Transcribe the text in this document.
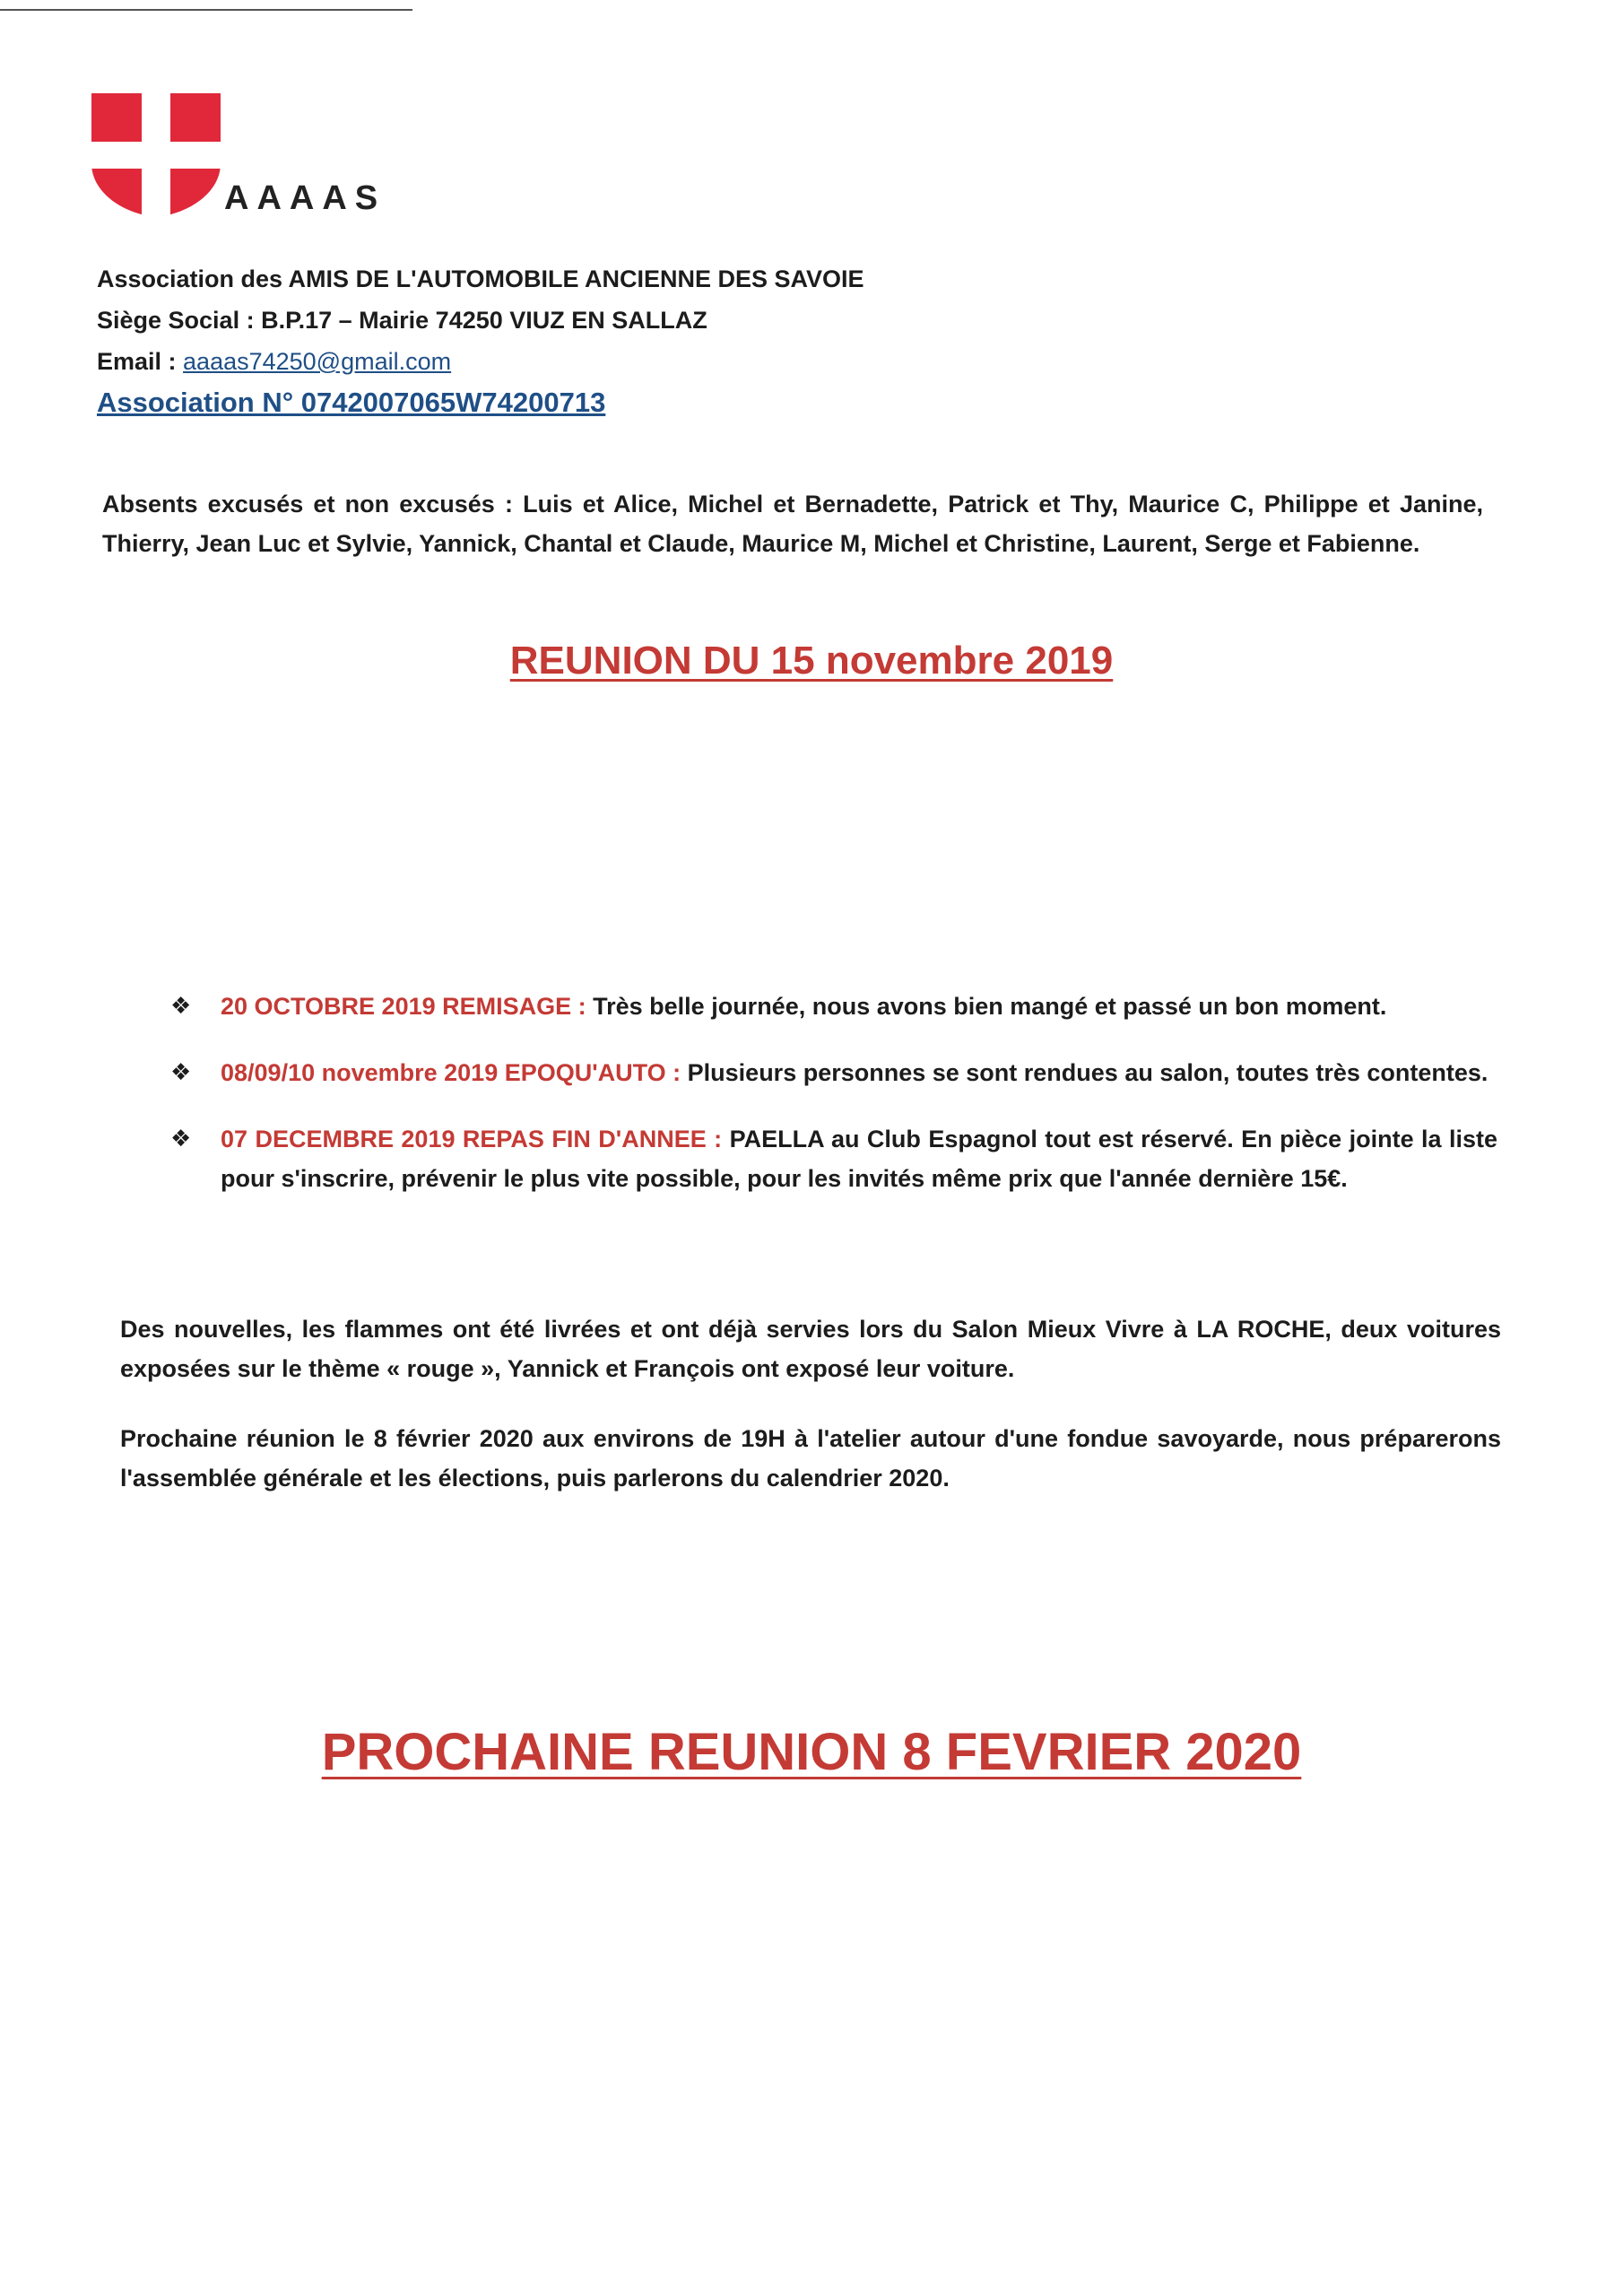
AAAAS
Association des AMIS DE L'AUTOMOBILE ANCIENNE DES SAVOIE
Siège Social : B.P.17 – Mairie 74250 VIUZ EN SALLAZ
Email : aaaas74250@gmail.com
Association N° 0742007065W74200713
Absents excusés et non excusés : Luis et Alice, Michel et Bernadette, Patrick et Thy, Maurice C, Philippe et Janine, Thierry, Jean Luc et Sylvie, Yannick, Chantal et Claude, Maurice M, Michel et Christine, Laurent, Serge et Fabienne.
REUNION DU 15 novembre 2019
❖ 20 OCTOBRE 2019 REMISAGE : Très belle journée, nous avons bien mangé et passé un bon moment.
❖ 08/09/10 novembre 2019 EPOQU'AUTO : Plusieurs personnes se sont rendues au salon, toutes très contentes.
❖ 07 DECEMBRE 2019 REPAS FIN D'ANNEE : PAELLA au Club Espagnol tout est réservé. En pièce jointe la liste pour s'inscrire, prévenir le plus vite possible, pour les invités même prix que l'année dernière 15€.
Des nouvelles, les flammes ont été livrées et ont déjà servies lors du Salon Mieux Vivre à LA ROCHE, deux voitures exposées sur le thème « rouge », Yannick et François ont exposé leur voiture.
Prochaine réunion le 8 février 2020 aux environs de 19H à l'atelier autour d'une fondue savoyarde, nous préparerons l'assemblée générale et les élections, puis parlerons du calendrier 2020.
PROCHAINE REUNION 8 FEVRIER 2020
